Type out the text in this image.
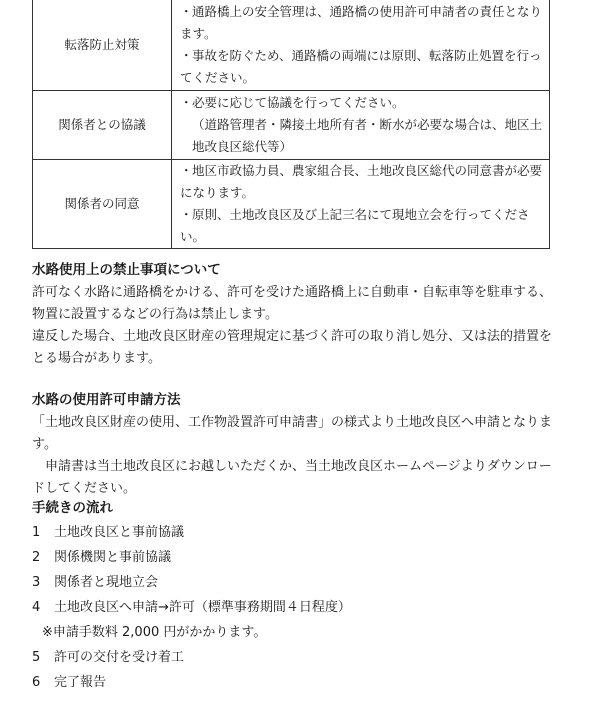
転落防止対策	・通路橋上の安全管理は、通路橋の使用許可申請者の責任となります。
・事故を防ぐため、通路橋の両端には原則、転落防止処置を行ってください。

関係者との協議	・必要に応じて協議を行ってください。
（道路管理者・隣接土地所有者・断水が必要な場合は、地区土地改良区総代等）

関係者の同意	・地区市政協力員、農家組合長、土地改良区総代の同意書が必要になります。
・原則、土地改良区及び上記三名にて現地立会を行ってください。
水路使用上の禁止事項について
許可なく水路に通路橋をかける、許可を受けた通路橋上に自動車・自転車等を駐車する、物置に設置するなどの行為は禁止します。
違反した場合、土地改良区財産の管理規定に基づく許可の取り消し処分、又は法的措置をとる場合があります。
水路の使用許可申請方法
「土地改良区財産の使用、工作物設置許可申請書」の様式より土地改良区へ申請となります。
申請書は当土地改良区にお越しいただくか、当土地改良区ホームページよりダウンロードしてください。
手続きの流れ
1 土地改良区と事前協議
2 関係機関と事前協議
3 関係者と現地立会
4 土地改良区へ申請→許可（標準事務期間４日程度）
※申請手数料 2,000 円がかかります。
5 許可の交付を受け着工
6 完了報告
